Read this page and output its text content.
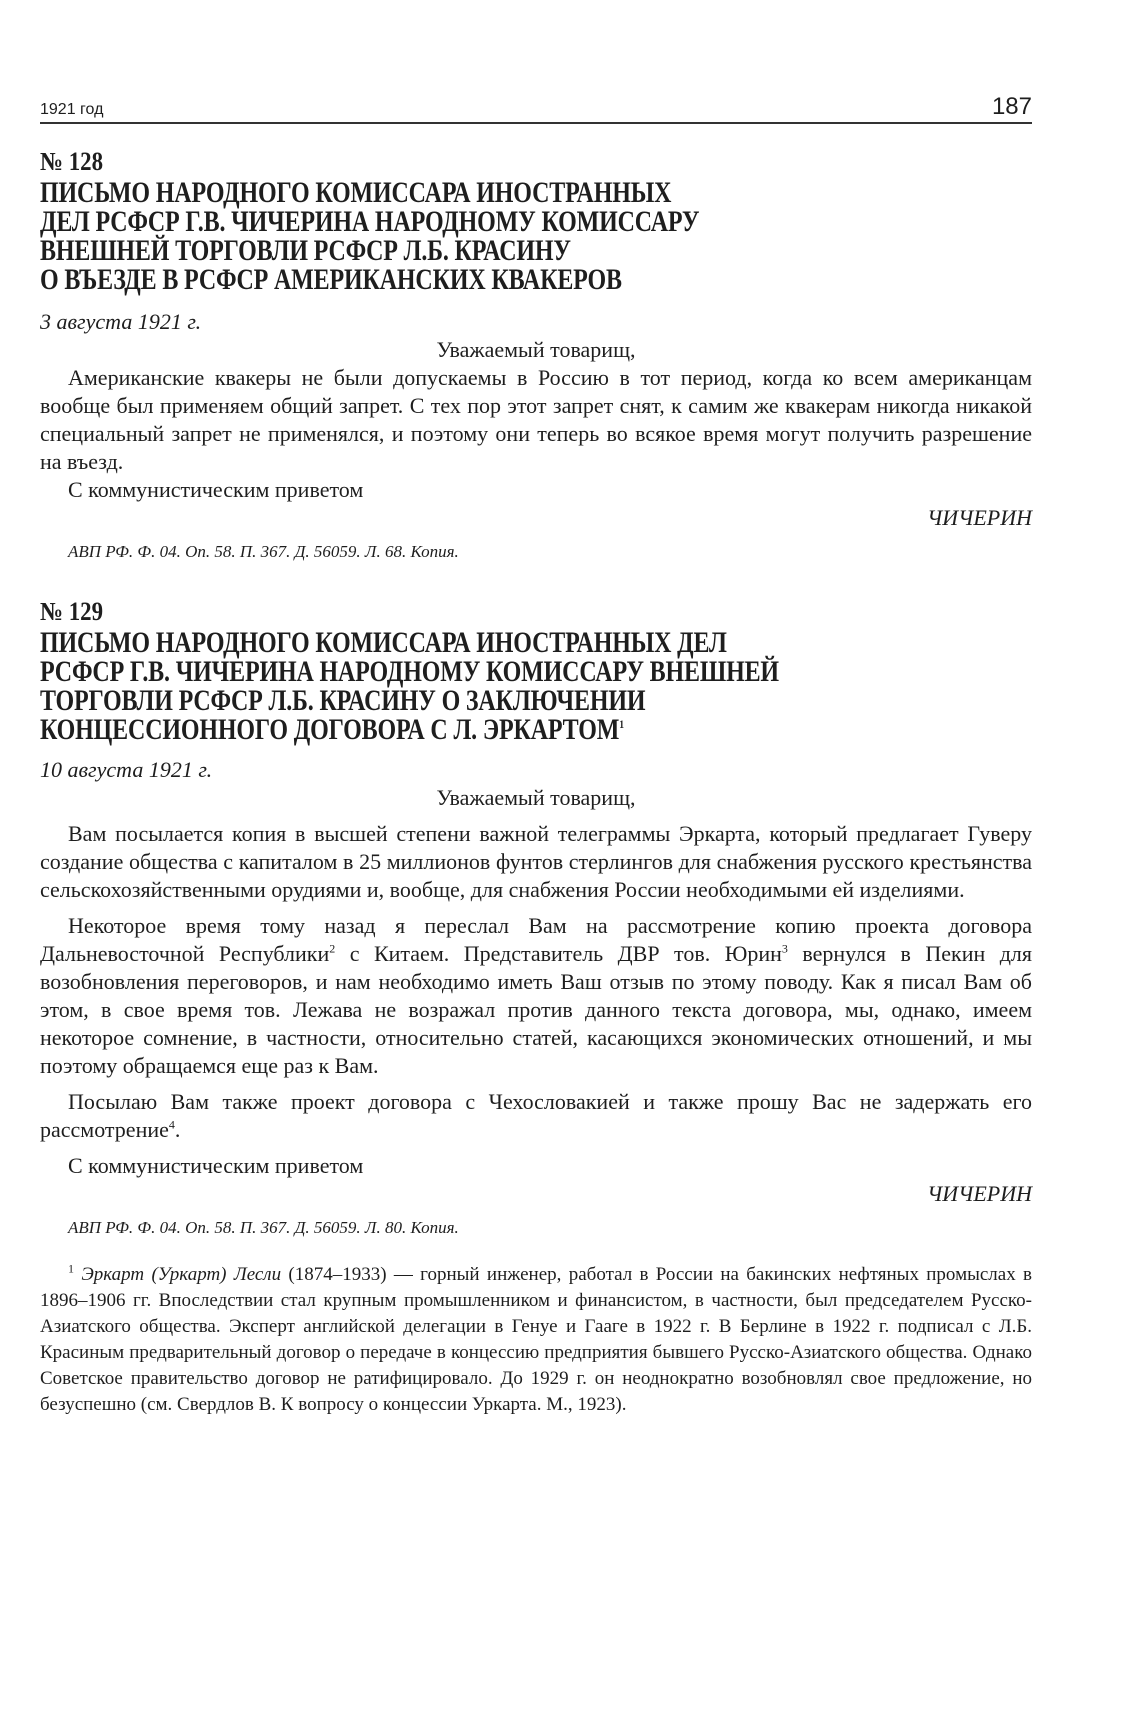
1921 год	187
№ 128
ПИСЬМО НАРОДНОГО КОМИССАРА ИНОСТРАННЫХ
ДЕЛ РСФСР Г.В. ЧИЧЕРИНА НАРОДНОМУ КОМИССАРУ
ВНЕШНЕЙ ТОРГОВЛИ РСФСР Л.Б. КРАСИНУ
О ВЪЕЗДЕ В РСФСР АМЕРИКАНСКИХ КВАКЕРОВ
3 августа 1921 г.
Уважаемый товарищ,

Американские квакеры не были допускаемы в Россию в тот период, когда ко всем американцам вообще был применяем общий запрет. С тех пор этот запрет снят, к самим же квакерам никогда никакой специальный запрет не применялся, и поэтому они теперь во всякое время могут получить разрешение на въезд.

С коммунистическим приветом
ЧИЧЕРИН
АВП РФ. Ф. 04. Оп. 58. П. 367. Д. 56059. Л. 68. Копия.
№ 129
ПИСЬМО НАРОДНОГО КОМИССАРА ИНОСТРАННЫХ ДЕЛ
РСФСР Г.В. ЧИЧЕРИНА НАРОДНОМУ КОМИССАРУ ВНЕШНЕЙ
ТОРГОВЛИ РСФСР Л.Б. КРАСИНУ О ЗАКЛЮЧЕНИИ
КОНЦЕССИОННОГО ДОГОВОРА С Л. ЭРКАРТОМ$^1$
10 августа 1921 г.
Уважаемый товарищ,

Вам посылается копия в высшей степени важной телеграммы Эркарта, который предлагает Гуверу создание общества с капиталом в 25 миллионов фунтов стерлингов для снабжения русского крестьянства сельскохозяйственными орудиями и, вообще, для снабжения России необходимыми ей изделиями.

Некоторое время тому назад я переслал Вам на рассмотрение копию проекта договора Дальневосточной Республики$^2$ с Китаем. Представитель ДВР тов. Юрин$^3$ вернулся в Пекин для возобновления переговоров, и нам необходимо иметь Ваш отзыв по этому поводу. Как я писал Вам об этом, в свое время тов. Лежава не возражал против данного текста договора, мы, однако, имеем некоторое сомнение, в частности, относительно статей, касающихся экономических отношений, и мы поэтому обращаемся еще раз к Вам.

Посылаю Вам также проект договора с Чехословакией и также прошу Вас не задержать его рассмотрение$^4$.

С коммунистическим приветом
ЧИЧЕРИН
АВП РФ. Ф. 04. Оп. 58. П. 367. Д. 56059. Л. 80. Копия.

$^1$ Эркарт (Уркарт) Лесли (1874–1933) — горный инженер, работал в России на бакинских нефтяных промыслах в 1896–1906 гг. Впоследствии стал крупным промышленником и финансистом, в частности, был председателем Русско-Азиатского общества. Эксперт английской делегации в Генуе и Гааге в 1922 г. В Берлине в 1922 г. подписал с Л.Б. Красиным предварительный договор о передаче в концессию предприятия бывшего Русско-Азиатского общества. Однако Советское правительство договор не ратифицировало. До 1929 г. он неоднократно возобновлял свое предложение, но безуспешно (см. Свердлов В. К вопросу о концессии Уркарта. М., 1923).
